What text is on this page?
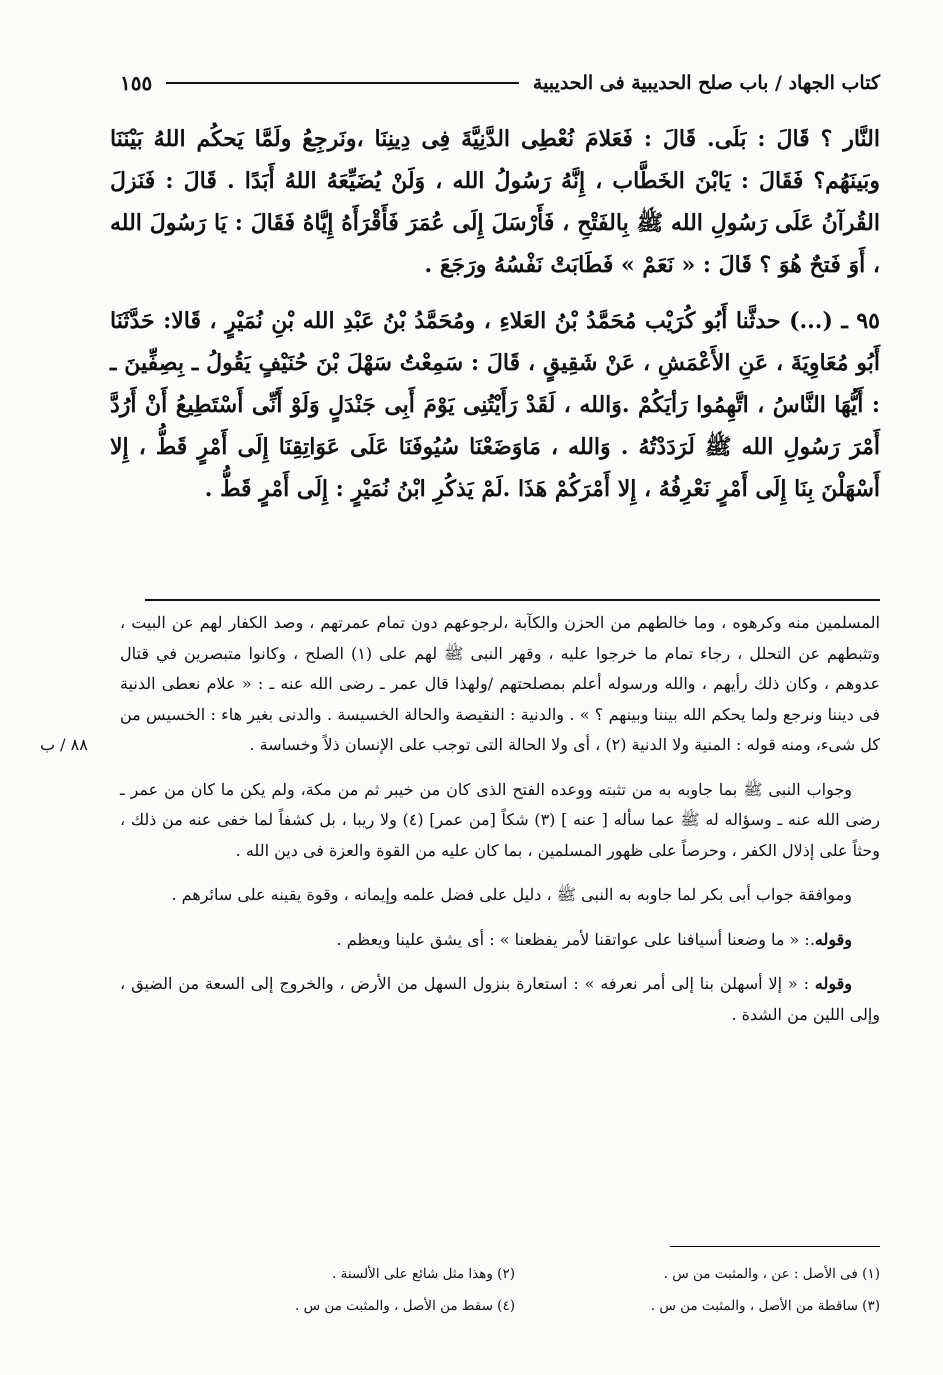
كتاب الجهاد / باب صلح الحديبية فى الحديبية
١٥٥

النَّار ؟ قَالَ : بَلَى. قَالَ : فَعَلامَ نُعْطِى الدَّنِيَّةَ فِى دِينِنَا ،ونَرجِعُ ولَمَّا يَحكُم اللهُ بَيْنَنَا وبَينَهُم؟ فَقَالَ : يَابْنَ الخَطَّاب ، إِنَّهُ رَسُولُ الله ، وَلَنْ يُضَيِّعَهُ اللهُ أَبَدًا . قَالَ : فَنَزلَ القُرآنُ عَلَى رَسُولِ الله ﷺ بِالفَتْحِ ، فَأَرْسَلَ إِلَى عُمَرَ فَأَقْرَأَهُ إِيَّاهُ فَقَالَ : يَا رَسُولَ الله ، أَوَ فَتحٌ هُوَ ؟ قَالَ : « نَعَمْ » فَطَابَتْ نَفْسُهُ ورَجَعَ .

٩٥ ـ (...) حدثَّنا أَبُو كُرَيْب مُحَمَّدُ بْنُ العَلاءِ ، ومُحَمَّدُ بْنُ عَبْدِ الله بْنِ نُمَيْرٍ ، قَالا: حَدَّثَنَا أَبُو مُعَاوِيَةَ ، عَنِ الأَعْمَشِ ، عَنْ شَقِيقٍ ، قَالَ : سَمِعْتُ سَهْلَ بْنَ حُنَيْفٍ يَقُولُ ـ بِصِفِّينَ ـ : أَيُّهَا النَّاسُ ، اتَّهِمُوا رَأيَكُمْ .وَالله ، لَقَدْ رَأَيْتُنِى يَوْمَ أَبِى جَنْدَلٍ وَلَوْ أَنِّى أَسْتَطِيعُ أَنْ أَرُدَّ أَمْرَ رَسُولِ الله ﷺ لَرَدَدْتُهُ . وَالله ، مَاوَضَعْنَا سُيُوفَنَا عَلَى عَوَاتِقِنَا إِلَى أَمْرٍ قَطُّ ، إِلا أَسْهَلْنَ بِنَا إِلَى أَمْرٍ نَعْرِفُهُ ، إِلا أَمْرَكُمْ هَذَا .لَمْ يَذكُرِ ابْنُ نُمَيْرٍ : إِلَى أَمْرٍ قَطُّ .

المسلمين منه وكرهوه ، وما خالطهم من الحزن والكآبة ،لرجوعهم دون تمام عمرتهم ، وصد الكفار لهم عن البيت ، وتثبطهم عن التحلل ، رجاء تمام ما خرجوا عليه ، وقهر النبى ﷺ لهم على (١) الصلح ، وكانوا متبصرين في قتال عدوهم ، وكان ذلك رأيهم ، والله ورسوله أعلم بمصلحتهم /ولهذا قال عمر ـ رضى الله عنه ـ : « علام نعطى الدنية فى ديننا ونرجع ولما يحكم الله بيننا وبينهم ؟ » . والدنية : النقيصة والحالة الخسيسة . والدنى بغير هاء : الخسيس من كل شىء، ومنه قوله : المنية ولا الدنية (٢) ، أى ولا الحالة التى توجب على الإنسان ذلاً وخساسة .

وجواب النبى ﷺ بما جاوبه به من تثبته ووعده الفتح الذى كان من خيبر ثم من مكة، ولم يكن ما كان من عمر ـ رضى الله عنه ـ وسؤاله له ﷺ عما سأله [ عنه ] (٣) شكاً [من عمر] (٤) ولا ريبا ، بل كشفاً لما خفى عنه من ذلك ، وحثاً على إذلال الكفر ، وحرصاً على ظهور المسلمين ، بما كان عليه من القوة والعزة فى دين الله .

وموافقة جواب أبى بكر لما جاوبه به النبى ﷺ ، دليل على فضل علمه وإيمانه ، وقوة يقينه على سائرهم .

وقوله.: « ما وضعنا أسيافنا على عواتقنا لأمر يفظعنا » : أى يشق علينا ويعظم .

وقوله : « إلا أسهلن بنا إلى أمر نعرفه » : استعارة بنزول السهل من الأرض ، والخروج إلى السعة من الضيق ، وإلى اللين من الشدة .

٨٨ / ب
(١) فى الأصل : عن ، والمثبت من س .
(٢) وهذا مثل شائع على الألسنة .
(٣) ساقطة من الأصل ، والمثبت من س .
(٤) سقط من الأصل ، والمثبت من س .
